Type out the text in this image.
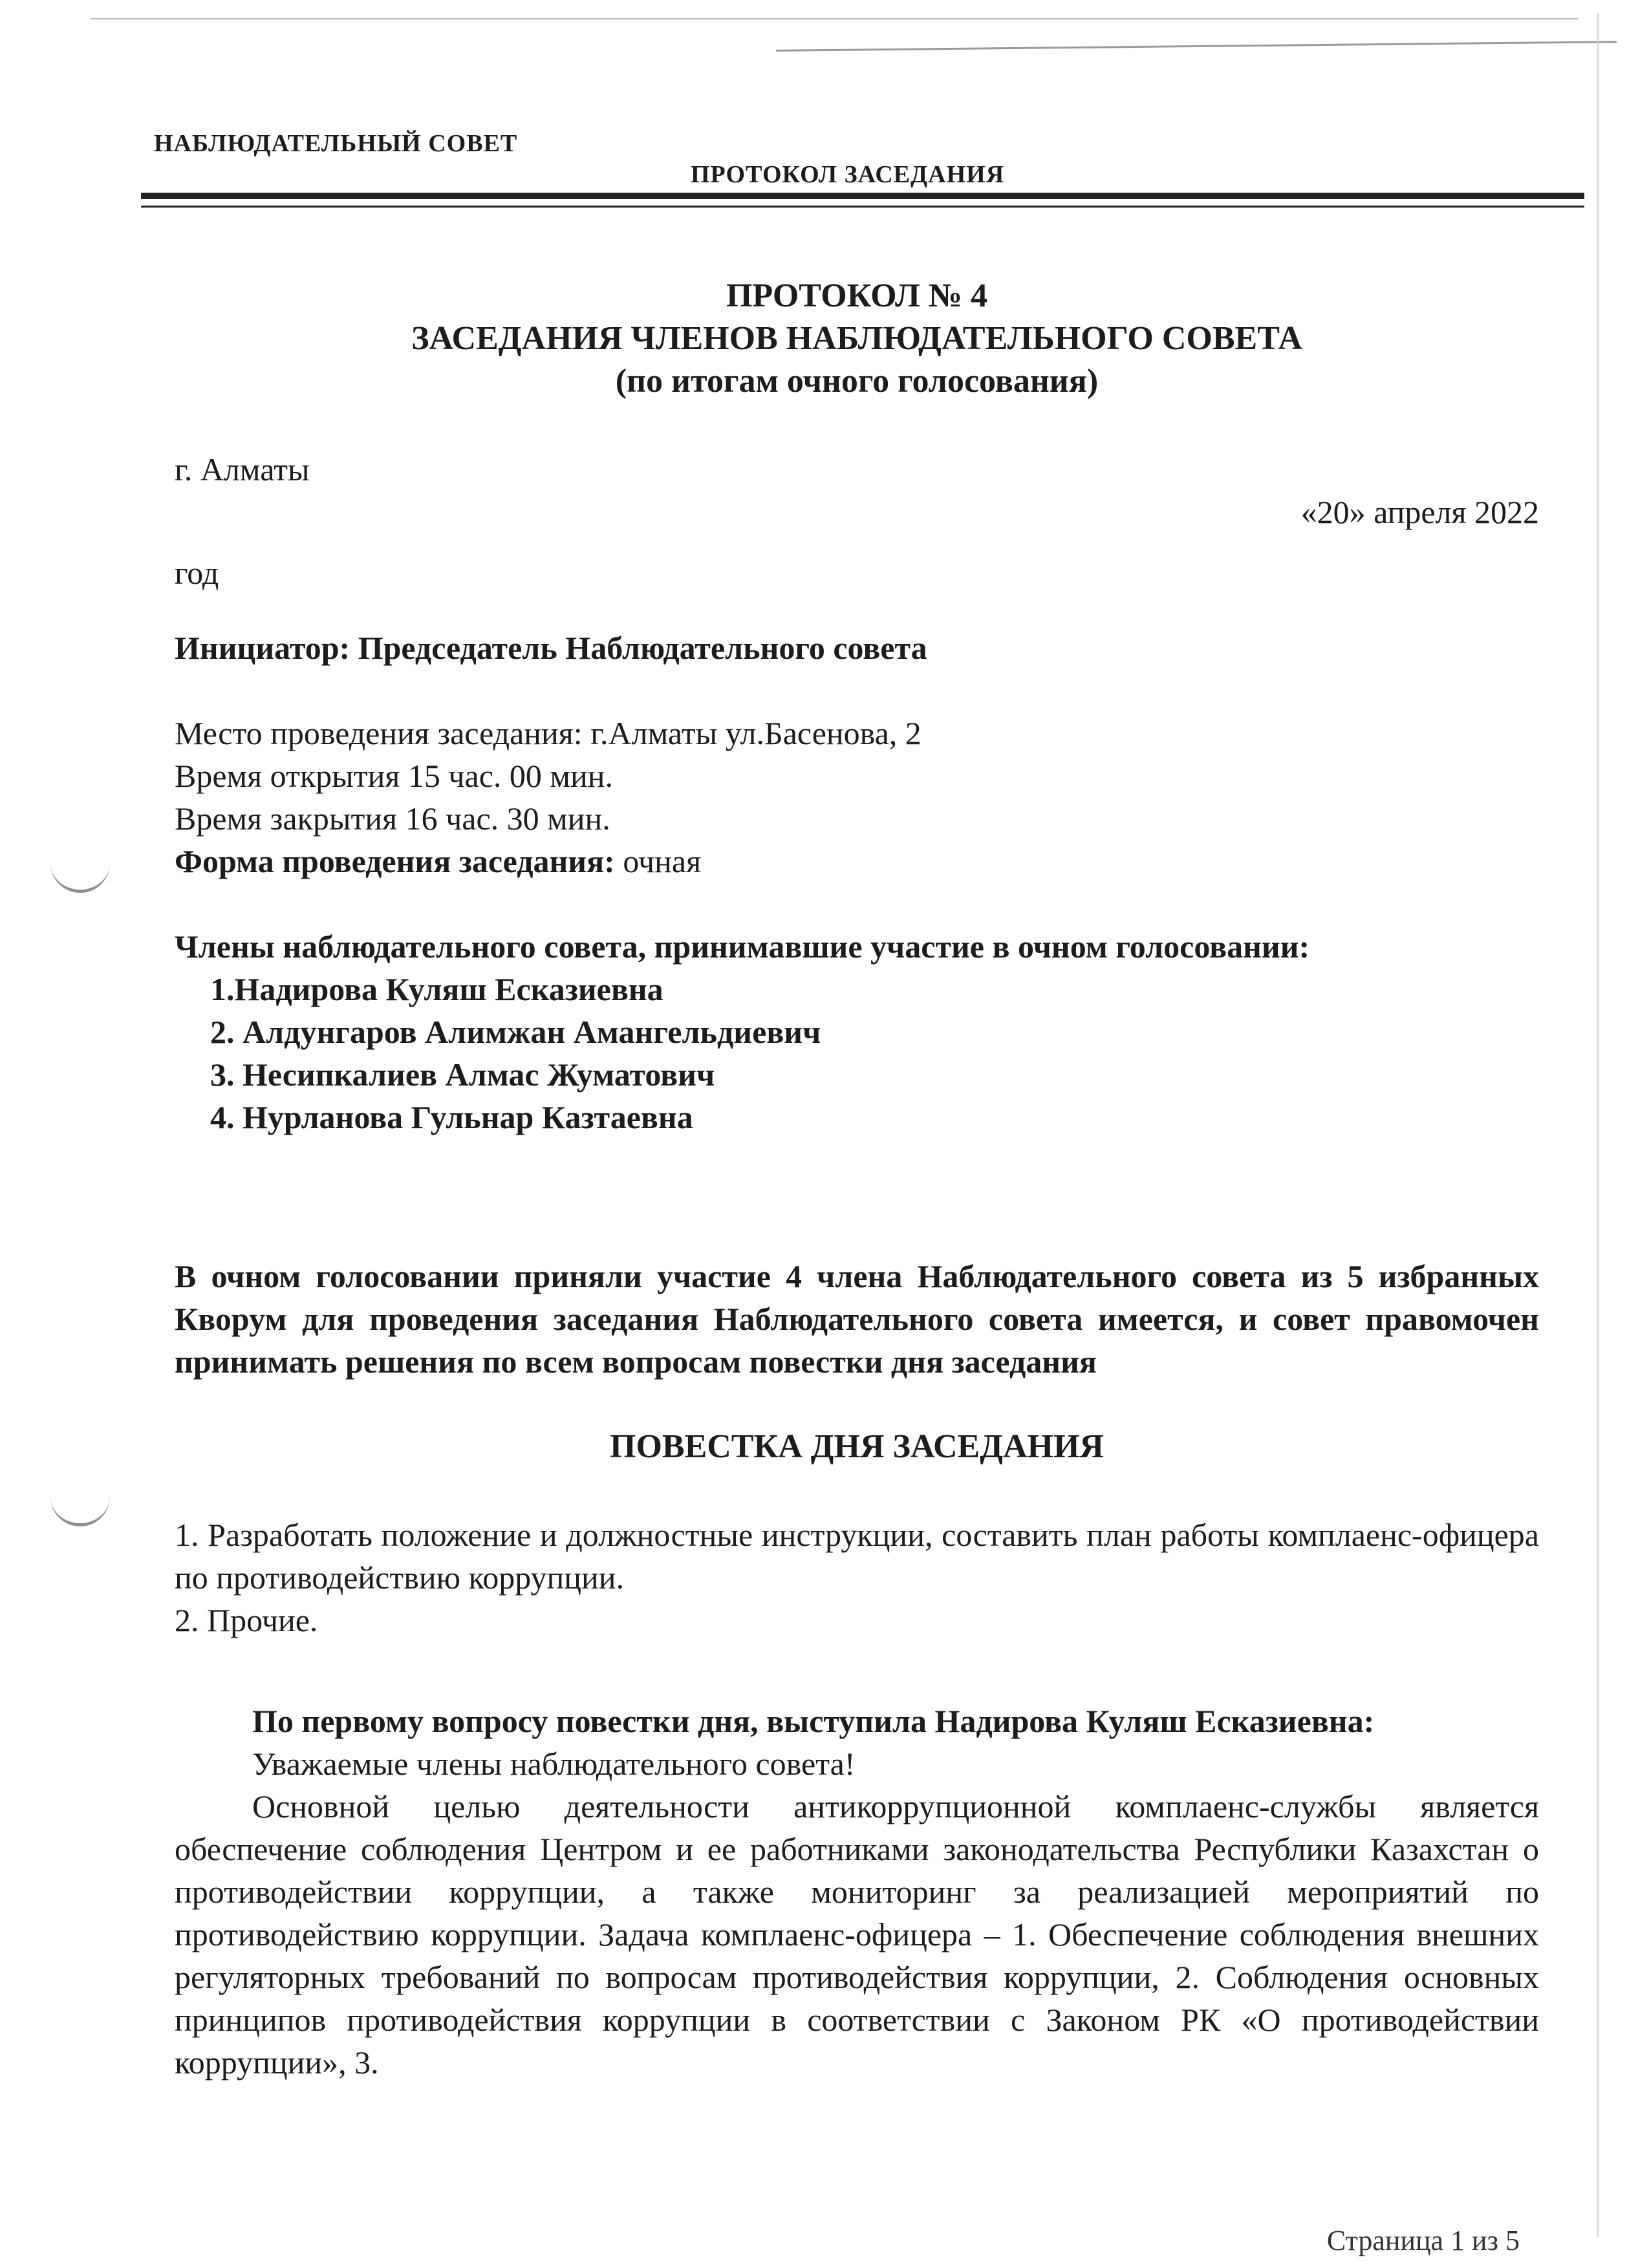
НАБЛЮДАТЕЛЬНЫЙ СОВЕТ
ПРОТОКОЛ ЗАСЕДАНИЯ
ПРОТОКОЛ № 4
ЗАСЕДАНИЯ ЧЛЕНОВ НАБЛЮДАТЕЛЬНОГО СОВЕТА
(по итогам очного голосования)
г. Алматы
«20» апреля 2022
год
Инициатор: Председатель Наблюдательного совета
Место проведения заседания: г.Алматы ул.Басенова, 2
Время открытия 15 час. 00 мин.
Время закрытия 16 час. 30 мин.
Форма проведения заседания: очная
Члены наблюдательного совета, принимавшие участие в очном голосовании:
1.Надирова Куляш Есказиевна
2. Алдунгаров Алимжан Амангельдиевич
3. Несипкалиев Алмас Жуматович
4. Нурланова Гульнар Казтаевна
В очном голосовании приняли участие 4 члена Наблюдательного совета из 5 избранных Кворум для проведения заседания Наблюдательного совета имеется, и совет правомочен принимать решения по всем вопросам повестки дня заседания
ПОВЕСТКА ДНЯ ЗАСЕДАНИЯ

1. Разработать положение и должностные инструкции, составить план работы комплаенс-офицера по противодействию коррупции.

2. Прочие.

По первому вопросу повестки дня, выступила Надирова Куляш Есказиевна:
Уважаемые члены наблюдательного совета!

Основной целью деятельности антикоррупционной комплаенс-службы является обеспечение соблюдения Центром и ее работниками законодательства Республики Казахстан о противодействии коррупции, а также мониторинг за реализацией мероприятий по противодействию коррупции. Задача комплаенс-офицера – 1. Обеспечение соблюдения внешних регуляторных требований по вопросам противодействия коррупции, 2. Соблюдения основных принципов противодействия коррупции в соответствии с Законом РК «О противодействии коррупции», 3.

Страница 1 из 5
